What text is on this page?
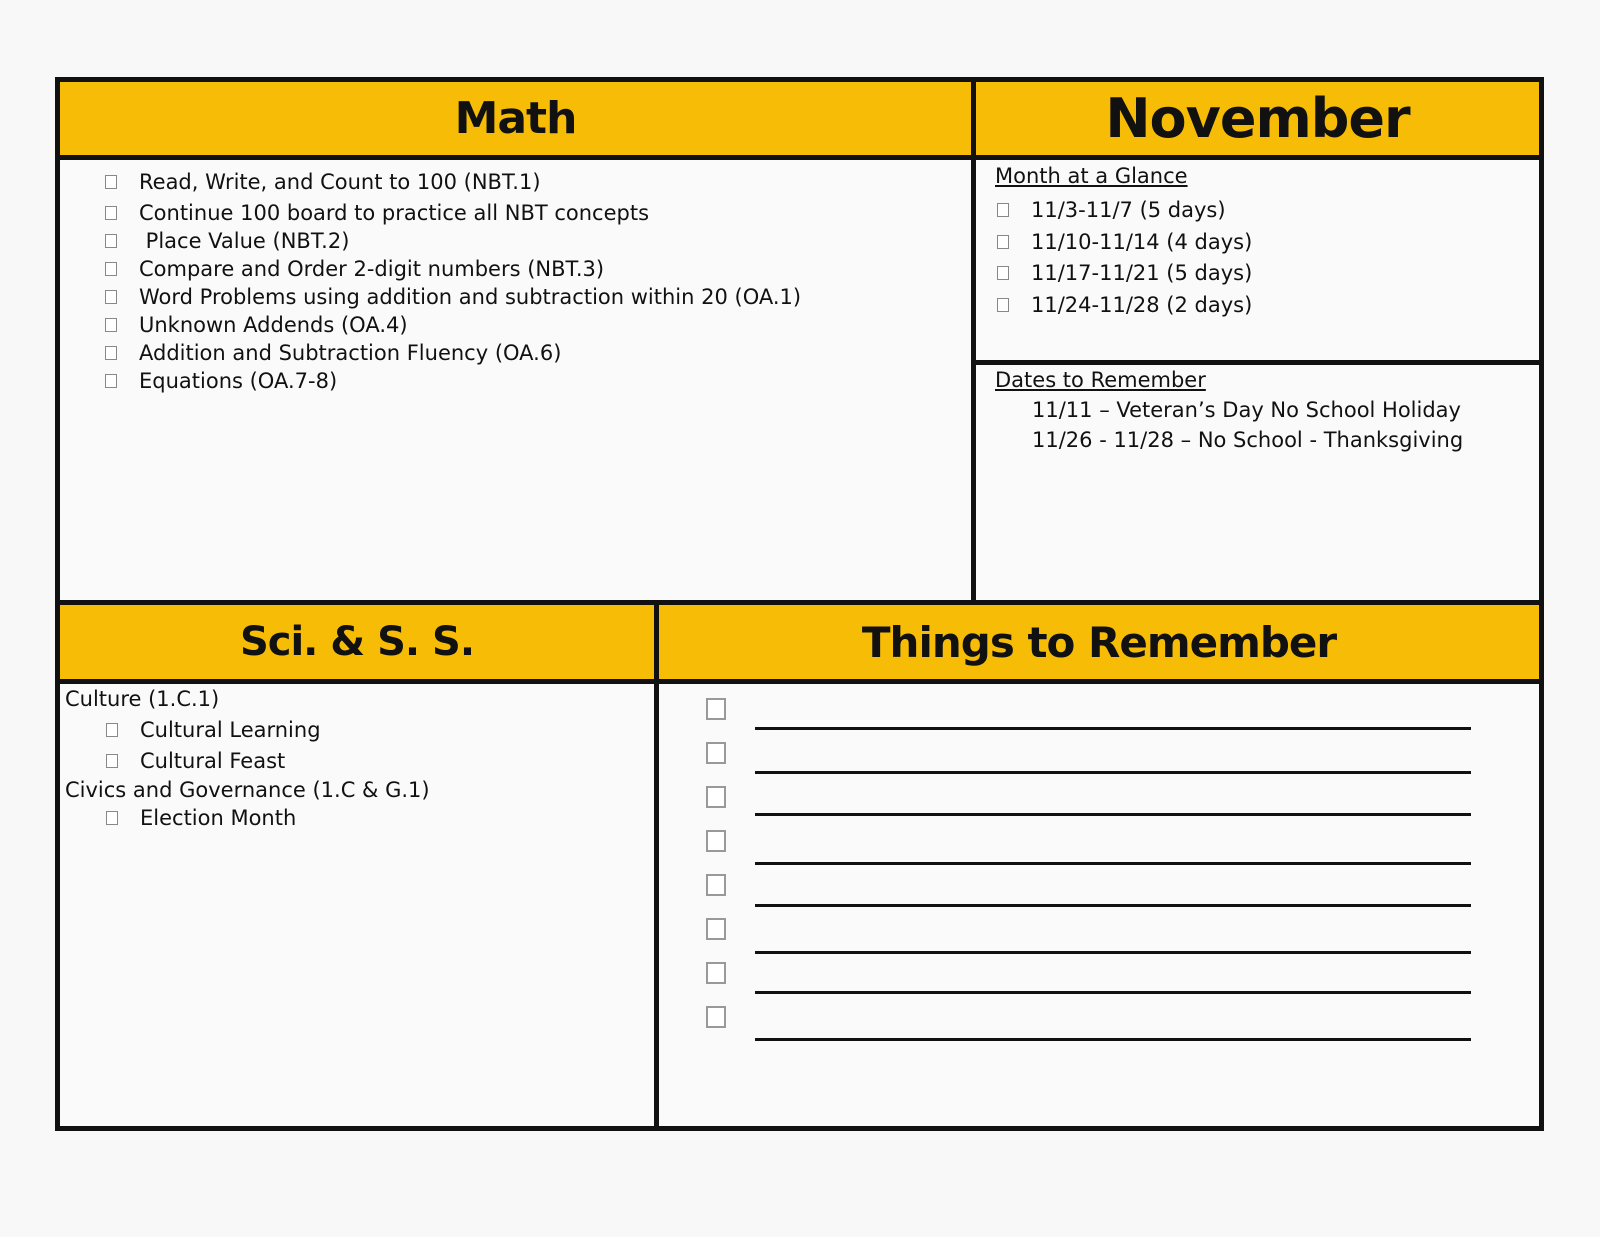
Math
Read, Write, and Count to 100 (NBT.1)
Continue 100 board to practice all NBT concepts
Place Value (NBT.2)
Compare and Order 2-digit numbers (NBT.3)
Word Problems using addition and subtraction within 20 (OA.1)
Unknown Addends (OA.4)
Addition and Subtraction Fluency (OA.6)
Equations (OA.7-8)
November
Month at a Glance
11/3-11/7 (5 days)
11/10-11/14 (4 days)
11/17-11/21 (5 days)
11/24-11/28 (2 days)
Dates to Remember
11/11 – Veteran’s Day No School Holiday
11/26 - 11/28 – No School - Thanksgiving
Sci. & S. S.
Culture (1.C.1)
Cultural Learning
Cultural Feast
Civics and Governance (1.C & G.1)
Election Month
Things to Remember
